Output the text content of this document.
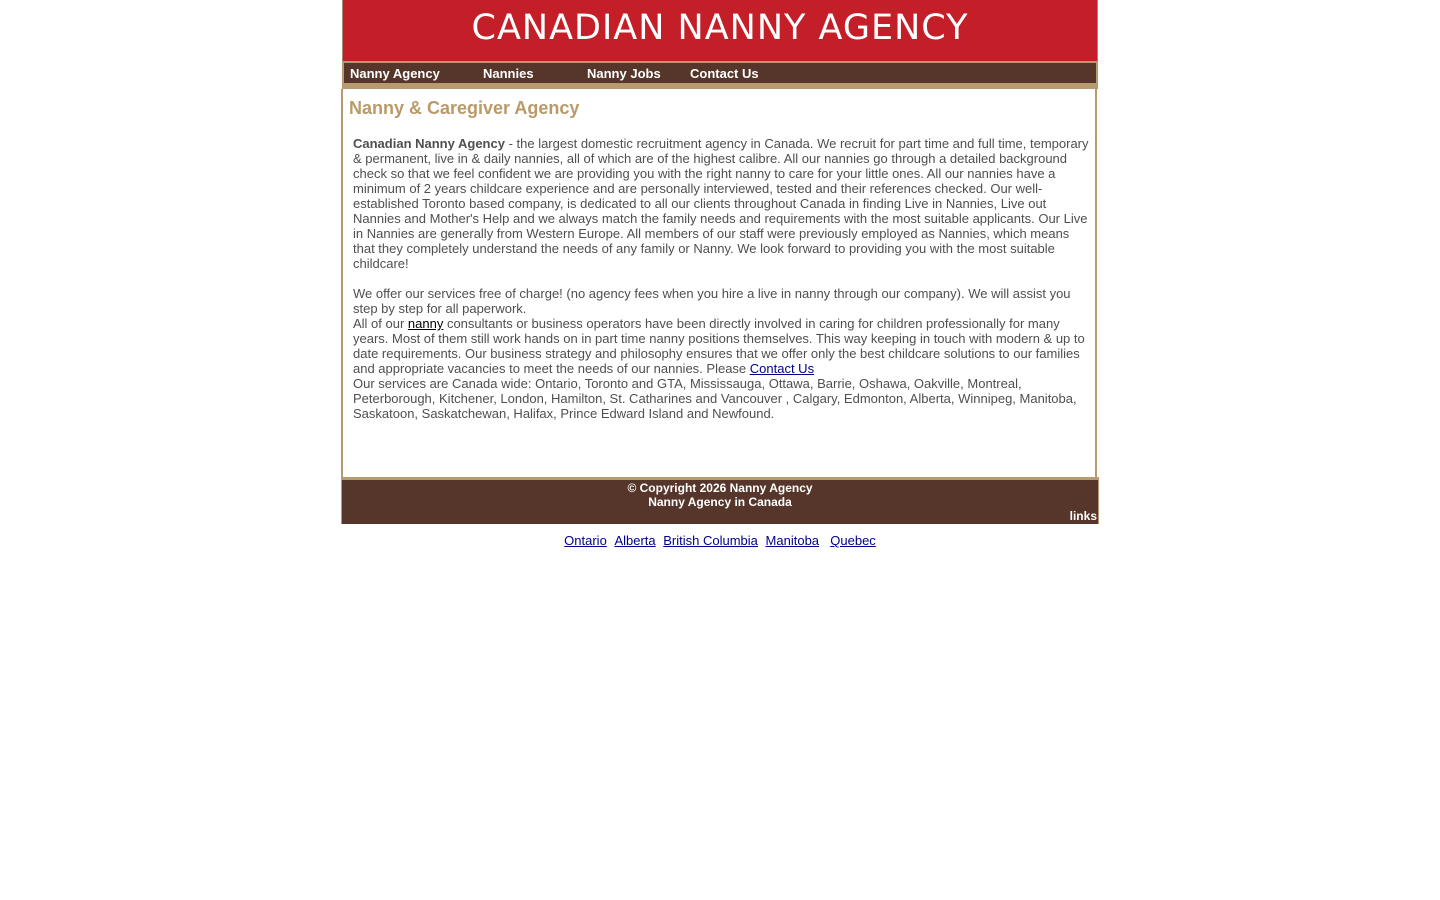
CANADIAN NANNY AGENCY
Nanny Agency	Nannies	Nanny Jobs Contact Us
Nanny & Caregiver Agency

Canadian Nanny Agency - the largest domestic recruitment agency in Canada. We recruit for part time and full time, temporary & permanent, live in & daily nannies, all of which are of the highest calibre. All our nannies go through a detailed background check so that we feel confident we are providing you with the right nanny to care for your little ones. All our nannies have a minimum of 2 years childcare experience and are personally interviewed, tested and their references checked. Our well-established Toronto based company, is dedicated to all our clients throughout Canada in finding Live in Nannies, Live out Nannies and Mother's Help and we always match the family needs and requirements with the most suitable applicants. Our Live in Nannies are generally from Western Europe. All members of our staff were previously employed as Nannies, which means that they completely understand the needs of any family or Nanny. We look forward to providing you with the most suitable childcare!

We offer our services free of charge! (no agency fees when you hire a live in nanny through our company). We will assist you step by step for all paperwork.

All of our nanny consultants or business operators have been directly involved in caring for children professionally for many years. Most of them still work hands on in part time nanny positions themselves. This way keeping in touch with modern & up to date requirements. Our business strategy and philosophy ensures that we offer only the best childcare solutions to our families and appropriate vacancies to meet the needs of our nannies. Please Contact Us

Our services are Canada wide: Ontario, Toronto and GTA, Mississauga, Ottawa, Barrie, Oshawa, Oakville, Montreal, Peterborough, Kitchener, London, Hamilton, St. Catharines and Vancouver , Calgary, Edmonton, Alberta, Winnipeg, Manitoba, Saskatoon, Saskatchewan, Halifax, Prince Edward Island and Newfound.

© Copyright 2026 Nanny Agency
Nanny Agency in Canada
links
Ontario Alberta British Columbia Manitoba Quebec
